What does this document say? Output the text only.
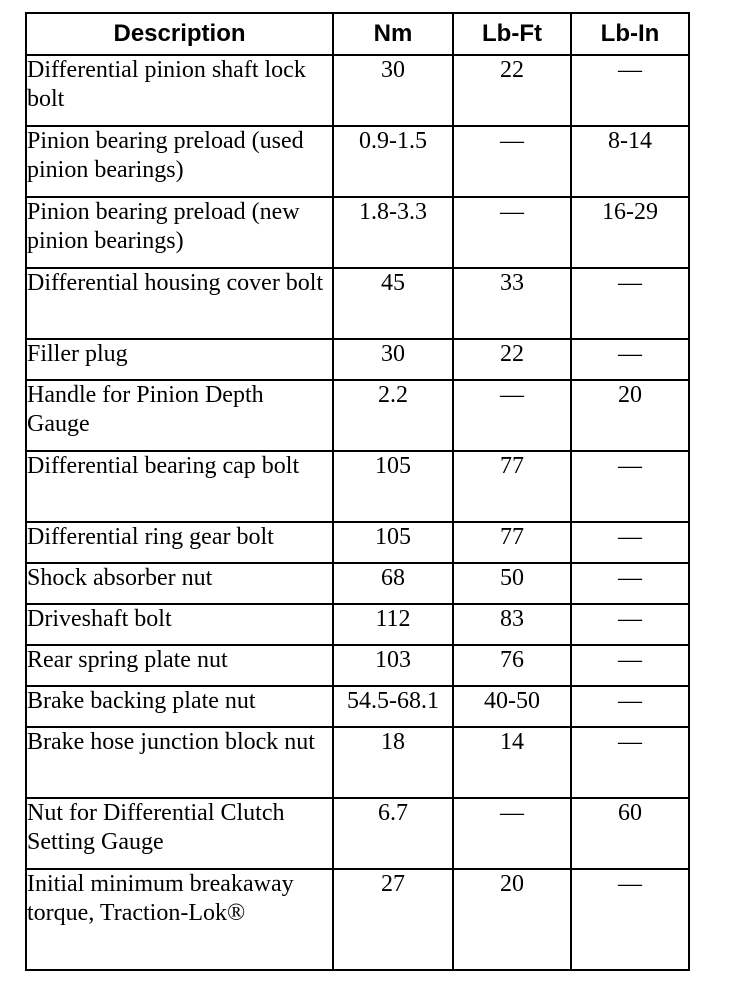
Description	Nm	Lb-Ft	Lb-In
Differential pinion shaft lock bolt	30	22	—
Pinion bearing preload (used pinion bearings)	0.9-1.5	—	8-14
Pinion bearing preload (new pinion bearings)	1.8-3.3	—	16-29
Differential housing cover bolt	45	33	—
Filler plug	30	22	—
Handle for Pinion Depth Gauge	2.2	—	20
Differential bearing cap bolt	105	77	—
Differential ring gear bolt	105	77	—
Shock absorber nut	68	50	—
Driveshaft bolt	112	83	—
Rear spring plate nut	103	76	—
Brake backing plate nut	54.5-68.1	40-50	—
Brake hose junction block nut	18	14	—
Nut for Differential Clutch Setting Gauge	6.7	—	60
Initial minimum breakaway torque, Traction-Lok®	27	20	—
